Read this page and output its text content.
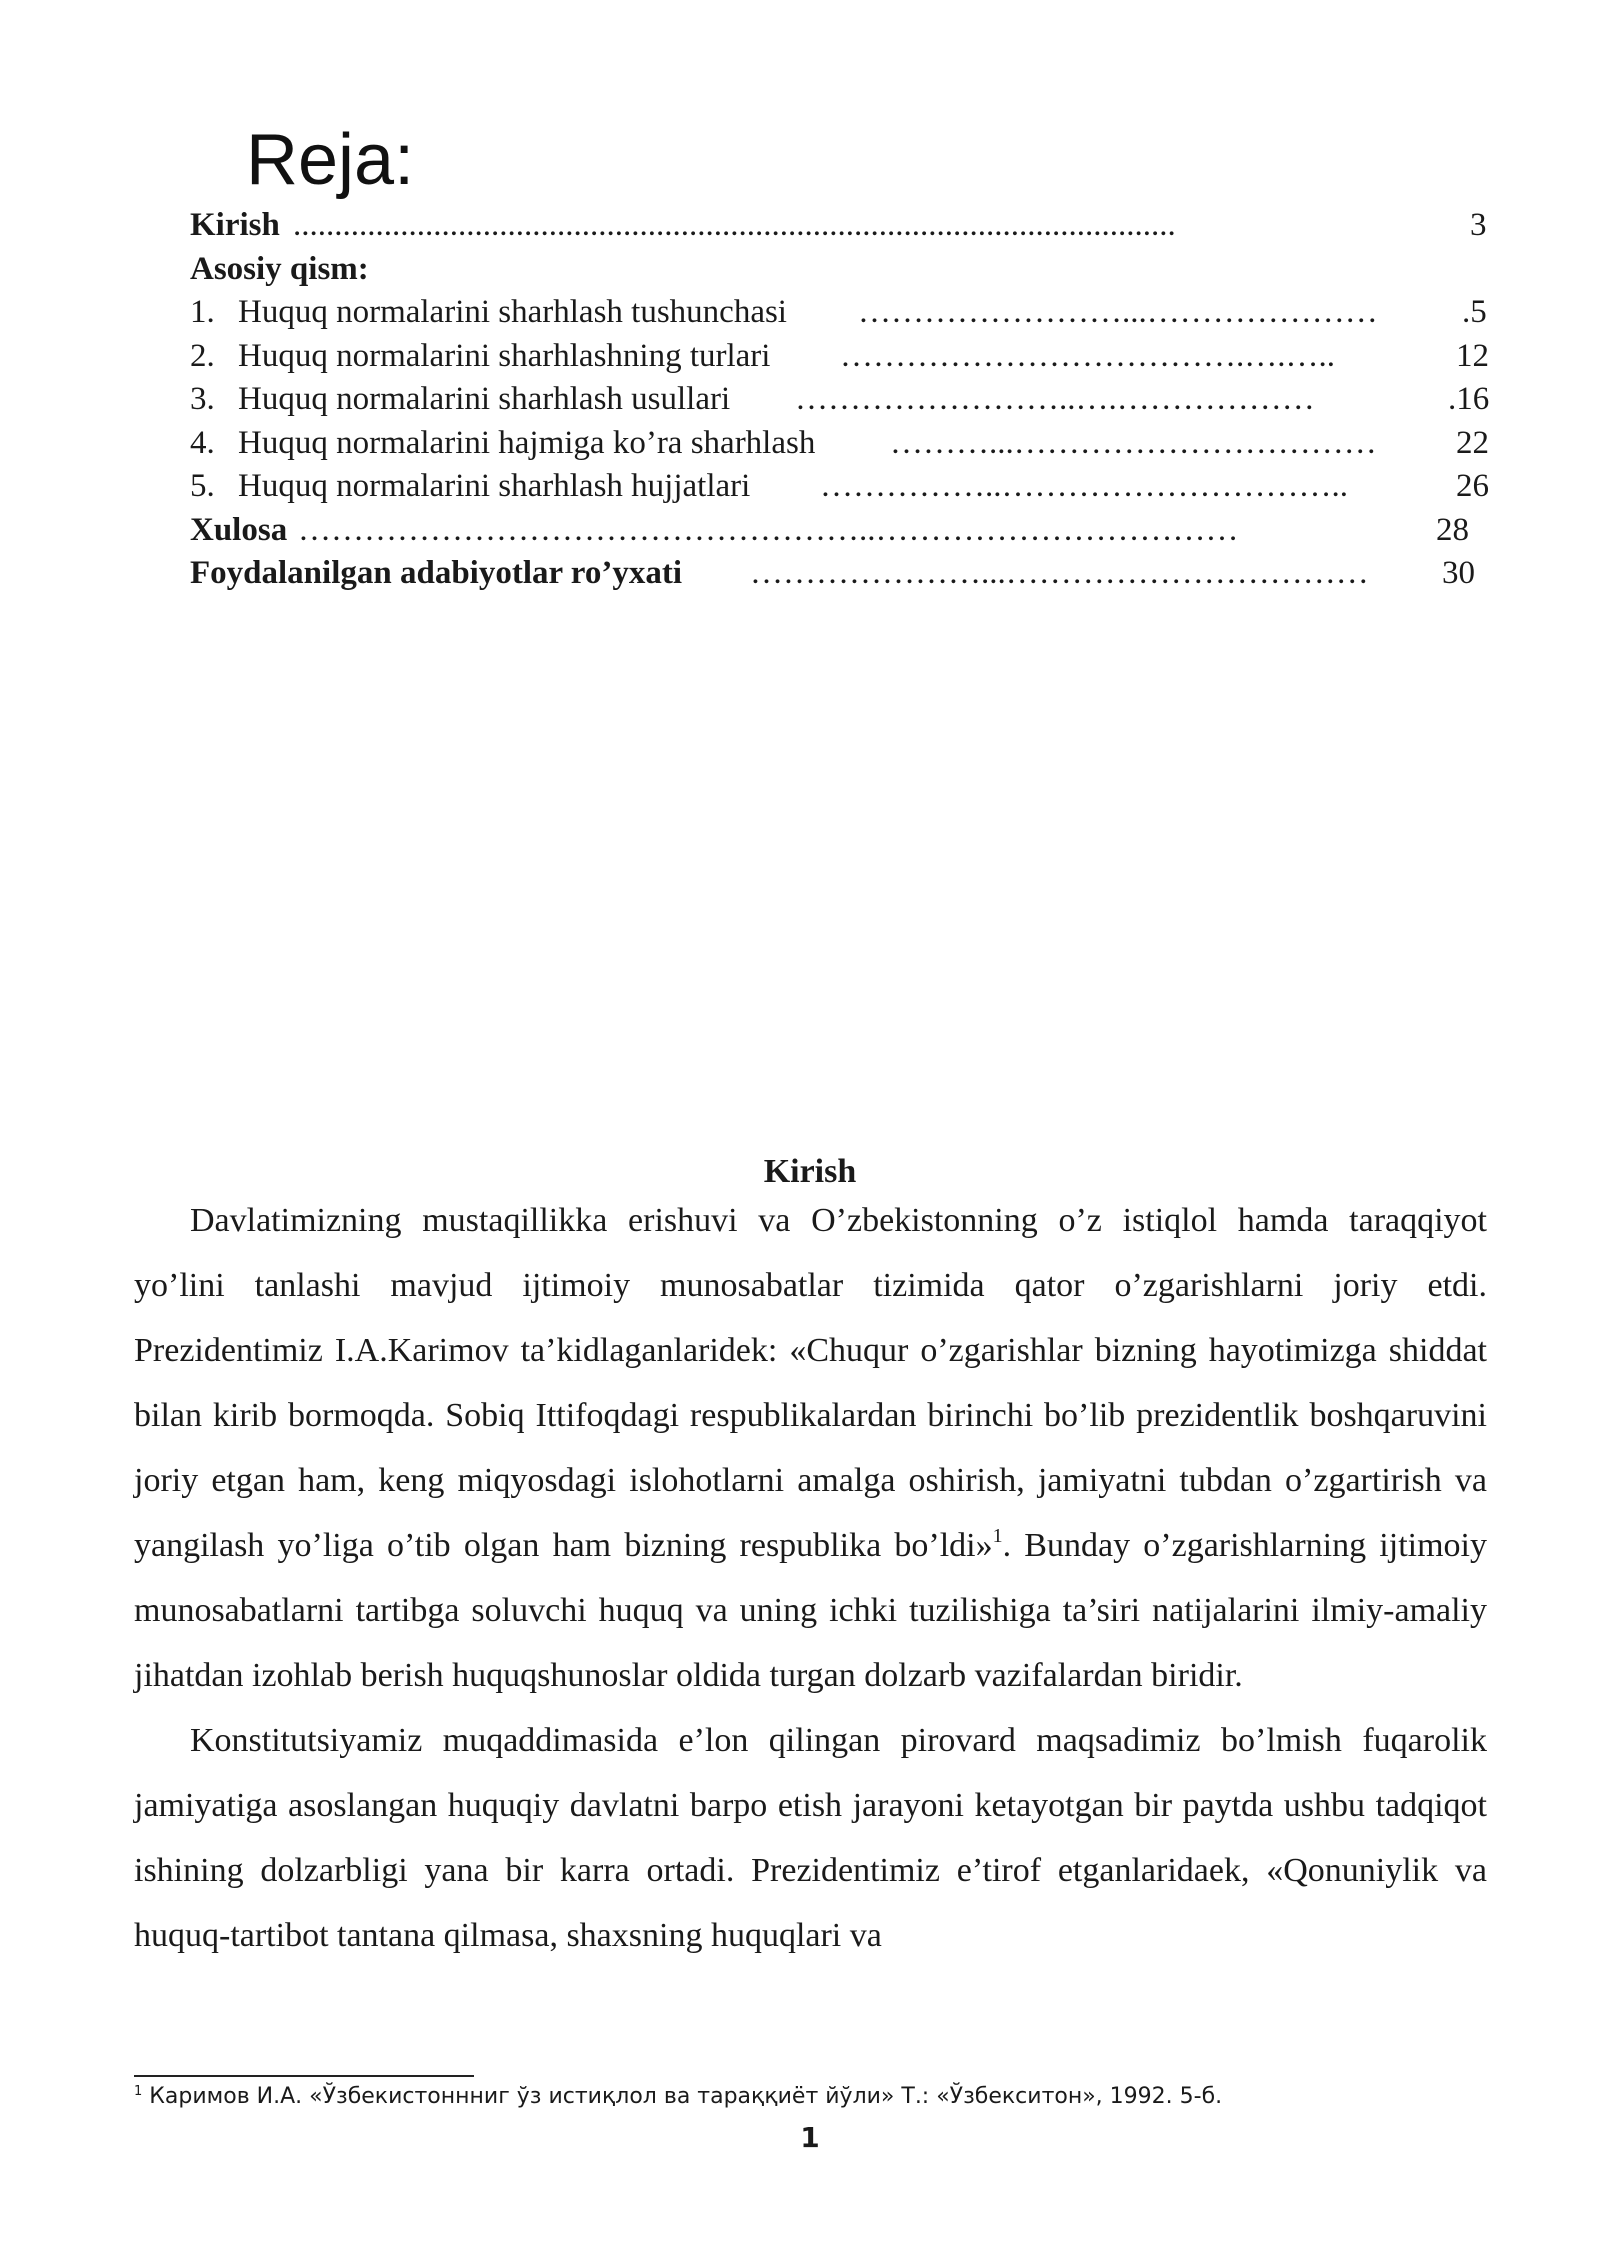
Reja:
Kirish ...........................................................................................................	3
Asosiy qism:
1. Huquq normalarini sharhlash tushunchasi ……………………...…………………	.5
2. Huquq normalarini sharhlashning turlari ……………………………….….…..	12
3. Huquq normalarini sharhlash usullari ……………………..….………………	.16
4. Huquq normalarini hajmiga ko’ra sharhlash ………...……………………………	22
5. Huquq normalarini sharhlash hujjatlari ……………..…………………………..	26
Xulosa ……………………………………………..……………………………	28
Foydalanilgan adabiyotlar ro’yxati …………………...……………………………	30
Kirish

Davlatimizning mustaqillikka erishuvi va O’zbekistonning o’z istiqlol hamda taraqqiyot yo’lini tanlashi mavjud ijtimoiy munosabatlar tizimida qator o’zgarishlarni joriy etdi. Prezidentimiz I.A.Karimov ta’kidlaganlaridek: «Chuqur o’zgarishlar bizning hayotimizga shiddat bilan kirib bormoqda. Sobiq Ittifoqdagi respublikalardan birinchi bo’lib prezidentlik boshqaruvini joriy etgan ham, keng miqyosdagi islohotlarni amalga oshirish, jamiyatni tubdan o’zgartirish va yangilash yo’liga o’tib olgan ham bizning respublika bo’ldi»$^1$. Bunday o’zgarishlarning ijtimoiy munosabatlarni tartibga soluvchi huquq va uning ichki tuzilishiga ta’siri natijalarini ilmiy-amaliy jihatdan izohlab berish huquqshunoslar oldida turgan dolzarb vazifalardan biridir.

Konstitutsiyamiz muqaddimasida e’lon qilingan pirovard maqsadimiz bo’lmish fuqarolik jamiyatiga asoslangan huquqiy davlatni barpo etish jarayoni ketayotgan bir paytda ushbu tadqiqot ishining dolzarbligi yana bir karra ortadi. Prezidentimiz e’tirof etganlaridaek, «Qonuniylik va huquq-tartibot tantana qilmasa, shaxsning huquqlari va

$^1$ Каримов И.А. «Ўзбекистоннниг ўз истиқлол ва тараққиёт йўли» Т.: «Ўзбекситон», 1992. 5-б.
1
